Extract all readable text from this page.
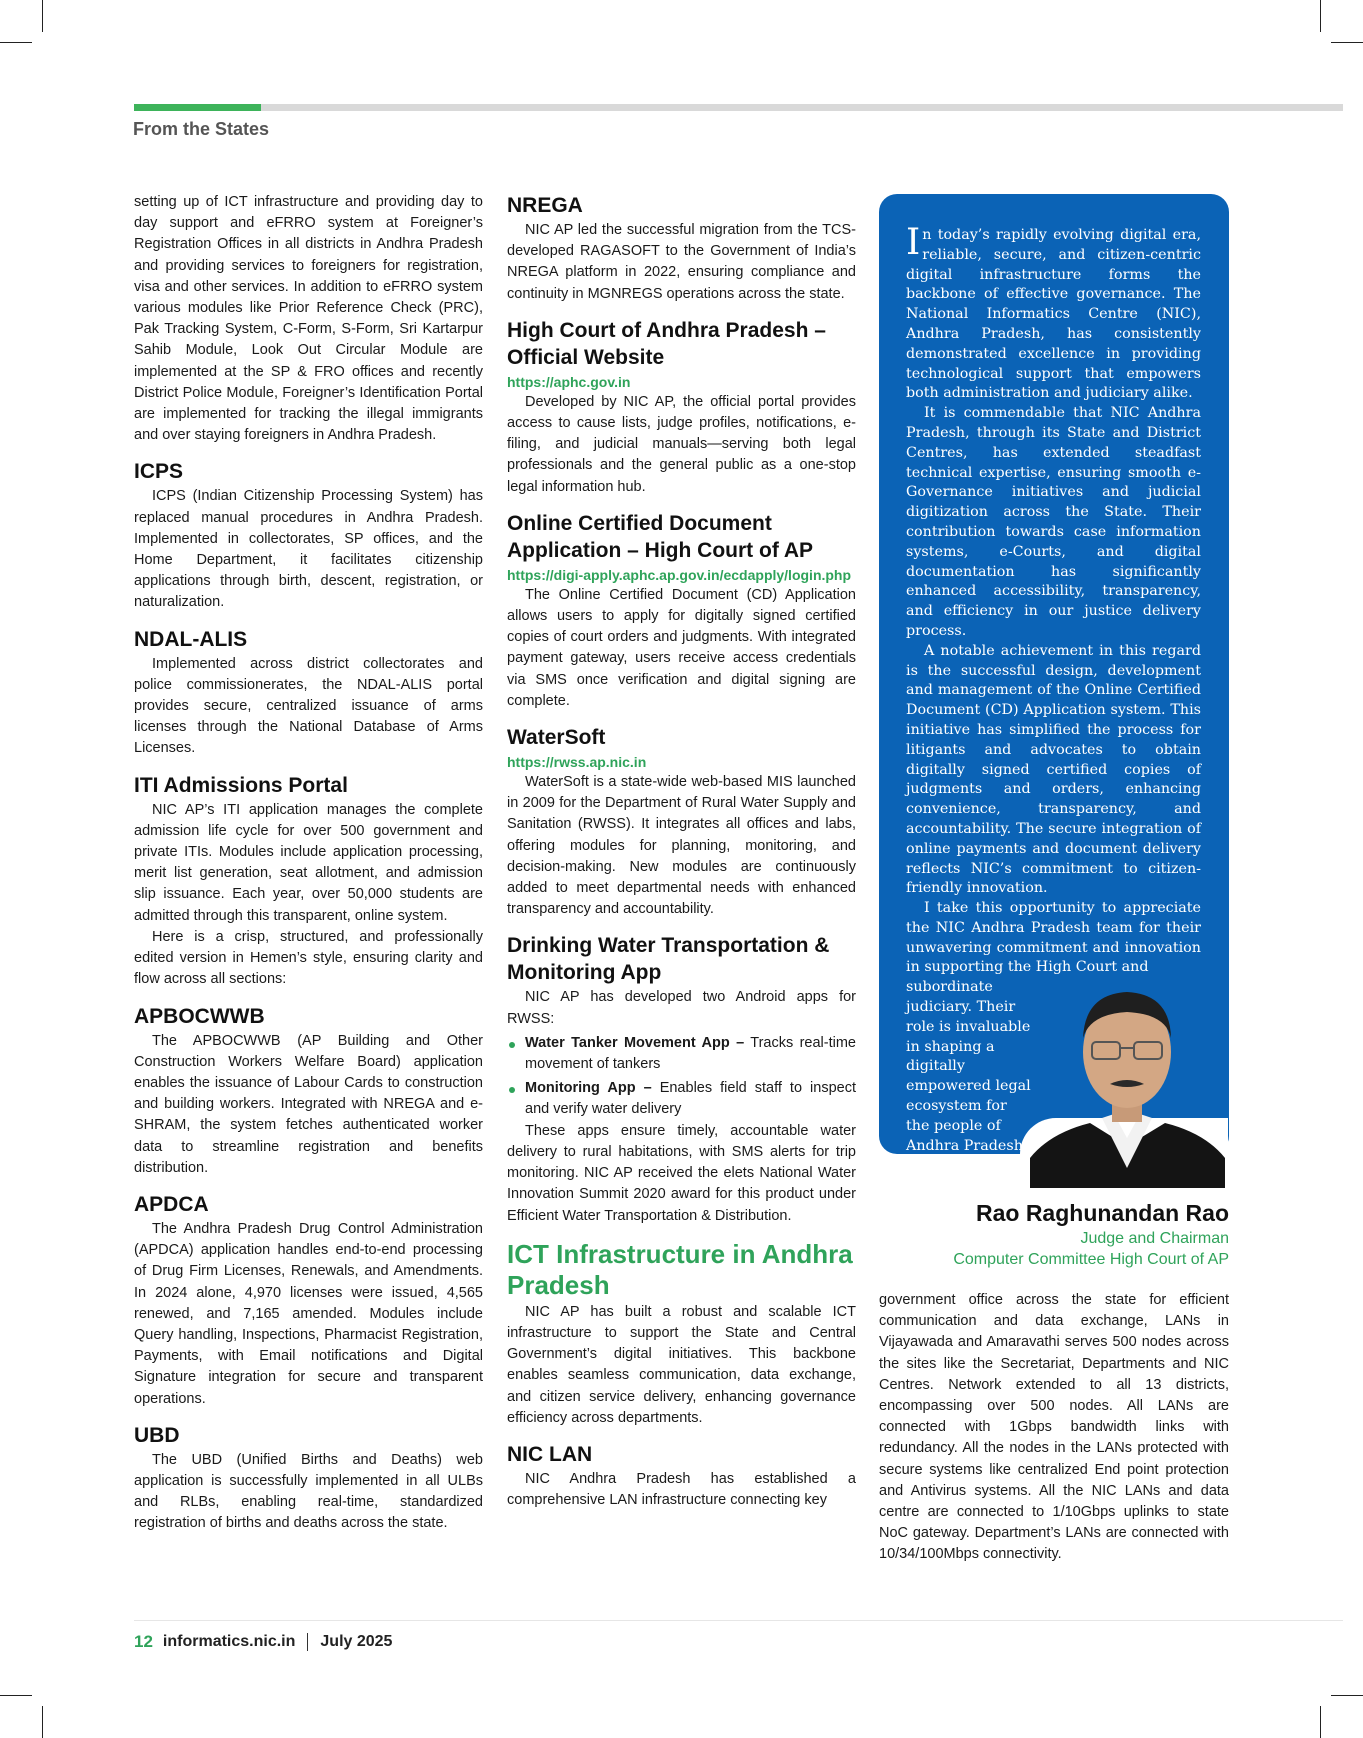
From the States

setting up of ICT infrastructure and providing day to day support and eFRRO system at Foreigner’s Registration Offices in all districts in Andhra Pradesh and providing services to foreigners for registration, visa and other services. In addition to eFRRO system various modules like Prior Reference Check (PRC), Pak Tracking System, C-Form, S-Form, Sri Kartarpur Sahib Module, Look Out Circular Module are implemented at the SP & FRO offices and recently District Police Module, Foreigner’s Identification Portal are implemented for tracking the illegal immigrants and over staying foreigners in Andhra Pradesh.

ICPS

ICPS (Indian Citizenship Processing System) has replaced manual procedures in Andhra Pradesh. Implemented in collectorates, SP offices, and the Home Department, it facilitates citizenship applications through birth, descent, registration, or naturalization.

NDAL-ALIS

Implemented across district collectorates and police commissionerates, the NDAL-ALIS portal provides secure, centralized issuance of arms licenses through the National Database of Arms Licenses.

ITI Admissions Portal

NIC AP’s ITI application manages the complete admission life cycle for over 500 government and private ITIs. Modules include application processing, merit list generation, seat allotment, and admission slip issuance. Each year, over 50,000 students are admitted through this transparent, online system.

Here is a crisp, structured, and professionally edited version in Hemen’s style, ensuring clarity and flow across all sections:

APBOCWWB

The APBOCWWB (AP Building and Other Construction Workers Welfare Board) application enables the issuance of Labour Cards to construction and building workers. Integrated with NREGA and e-SHRAM, the system fetches authenticated worker data to streamline registration and benefits distribution.

APDCA

The Andhra Pradesh Drug Control Administration (APDCA) application handles end-to-end processing of Drug Firm Licenses, Renewals, and Amendments. In 2024 alone, 4,970 licenses were issued, 4,565 renewed, and 7,165 amended. Modules include Query handling, Inspections, Pharmacist Registration, Payments, with Email notifications and Digital Signature integration for secure and transparent operations.

UBD

The UBD (Unified Births and Deaths) web application is successfully implemented in all ULBs and RLBs, enabling real-time, standardized registration of births and deaths across the state.

NREGA

NIC AP led the successful migration from the TCS-developed RAGASOFT to the Government of India’s NREGA platform in 2022, ensuring compliance and continuity in MGNREGS operations across the state.

High Court of Andhra Pradesh – Official Website
https://aphc.gov.in

Developed by NIC AP, the official portal provides access to cause lists, judge profiles, notifications, e-filing, and judicial manuals—serving both legal professionals and the general public as a one-stop legal information hub.

Online Certified Document Application – High Court of AP
https://digi-apply.aphc.ap.gov.in/ecdapply/login.php

The Online Certified Document (CD) Application allows users to apply for digitally signed certified copies of court orders and judgments. With integrated payment gateway, users receive access credentials via SMS once verification and digital signing are complete.

WaterSoft
https://rwss.ap.nic.in

WaterSoft is a state-wide web-based MIS launched in 2009 for the Department of Rural Water Supply and Sanitation (RWSS). It integrates all offices and labs, offering modules for planning, monitoring, and decision-making. New modules are continuously added to meet departmental needs with enhanced transparency and accountability.

Drinking Water Transportation & Monitoring App

NIC AP has developed two Android apps for RWSS:

Water Tanker Movement App – Tracks real-time movement of tankers
Monitoring App – Enables field staff to inspect and verify water delivery

These apps ensure timely, accountable water delivery to rural habitations, with SMS alerts for trip monitoring. NIC AP received the elets National Water Innovation Summit 2020 award for this product under Efficient Water Transportation & Distribution.

ICT Infrastructure in Andhra Pradesh

NIC AP has built a robust and scalable ICT infrastructure to support the State and Central Government’s digital initiatives. This backbone enables seamless communication, data exchange, and citizen service delivery, enhancing governance efficiency across departments.

NIC LAN

NIC Andhra Pradesh has established a comprehensive LAN infrastructure connecting key

In today’s rapidly evolving digital era, reliable, secure, and citizen-centric digital infrastructure forms the backbone of effective governance. The National Informatics Centre (NIC), Andhra Pradesh, has consistently demonstrated excellence in providing technological support that empowers both administration and judiciary alike.

It is commendable that NIC Andhra Pradesh, through its State and District Centres, has extended steadfast technical expertise, ensuring smooth e-Governance initiatives and judicial digitization across the State. Their contribution towards case information systems, e-Courts, and digital documentation has significantly enhanced accessibility, transparency, and efficiency in our justice delivery process.

A notable achievement in this regard is the successful design, development and management of the Online Certified Document (CD) Application system. This initiative has simplified the process for litigants and advocates to obtain digitally signed certified copies of judgments and orders, enhancing convenience, transparency, and accountability. The secure integration of online payments and document delivery reflects NIC’s commitment to citizen-friendly innovation.

I take this opportunity to appreciate the NIC Andhra Pradesh team for their unwavering commitment and innovation in supporting the High Court and

subordinate judiciary. Their role is invaluable in shaping a digitally empowered legal ecosystem for the people of Andhra Pradesh.

Rao Raghunandan Rao
Judge and Chairman
Computer Committee High Court of AP

government office across the state for efficient communication and data exchange, LANs in Vijayawada and Amaravathi serves 500 nodes across the sites like the Secretariat, Departments and NIC Centres. Network extended to all 13 districts, encompassing over 500 nodes. All LANs are connected with 1Gbps bandwidth links with redundancy. All the nodes in the LANs protected with secure systems like centralized End point protection and Antivirus systems. All the NIC LANs and data centre are connected to 1/10Gbps uplinks to state NoC gateway. Department’s LANs are connected with 10/34/100Mbps connectivity.

12 informatics.nic.in July 2025
